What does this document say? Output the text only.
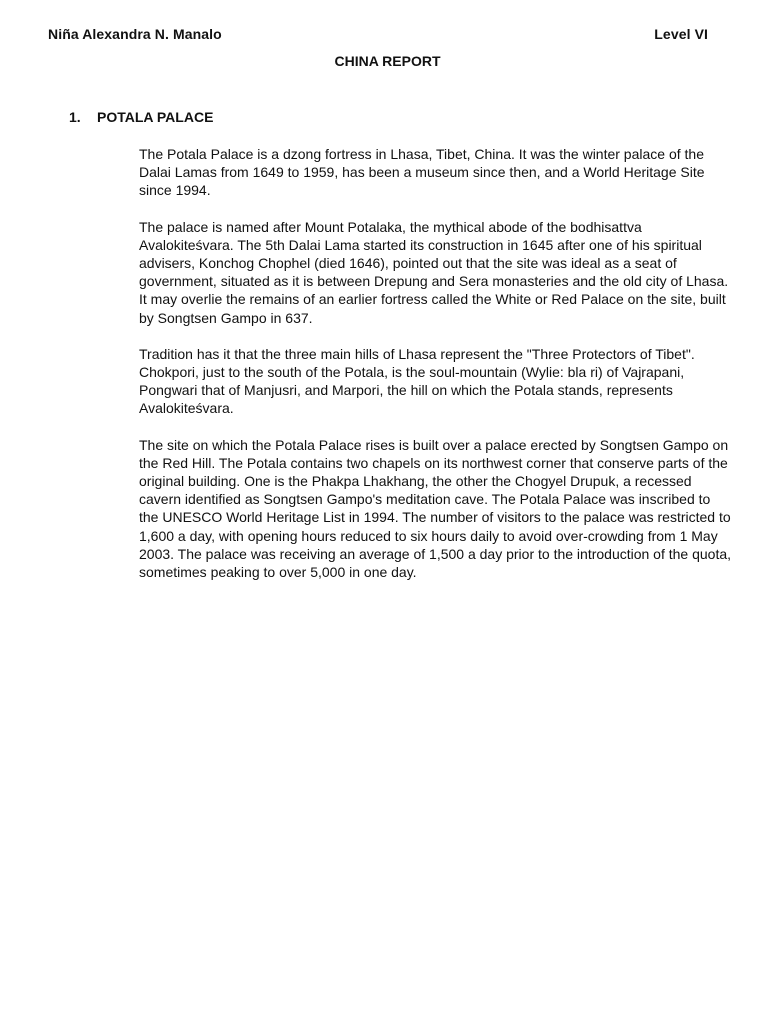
Niña Alexandra N. Manalo	Level VI
CHINA REPORT
1. POTALA PALACE

The Potala Palace is a dzong fortress in Lhasa, Tibet, China. It was the winter palace of the Dalai Lamas from 1649 to 1959, has been a museum since then, and a World Heritage Site since 1994.

The palace is named after Mount Potalaka, the mythical abode of the bodhisattva Avalokiteśvara. The 5th Dalai Lama started its construction in 1645 after one of his spiritual advisers, Konchog Chophel (died 1646), pointed out that the site was ideal as a seat of government, situated as it is between Drepung and Sera monasteries and the old city of Lhasa. It may overlie the remains of an earlier fortress called the White or Red Palace on the site, built by Songtsen Gampo in 637.

Tradition has it that the three main hills of Lhasa represent the "Three Protectors of Tibet". Chokpori, just to the south of the Potala, is the soul-mountain (Wylie: bla ri) of Vajrapani, Pongwari that of Manjusri, and Marpori, the hill on which the Potala stands, represents Avalokiteśvara.

The site on which the Potala Palace rises is built over a palace erected by Songtsen Gampo on the Red Hill. The Potala contains two chapels on its northwest corner that conserve parts of the original building. One is the Phakpa Lhakhang, the other the Chogyel Drupuk, a recessed cavern identified as Songtsen Gampo's meditation cave. The Potala Palace was inscribed to the UNESCO World Heritage List in 1994. The number of visitors to the palace was restricted to 1,600 a day, with opening hours reduced to six hours daily to avoid over-crowding from 1 May 2003. The palace was receiving an average of 1,500 a day prior to the introduction of the quota, sometimes peaking to over 5,000 in one day.
